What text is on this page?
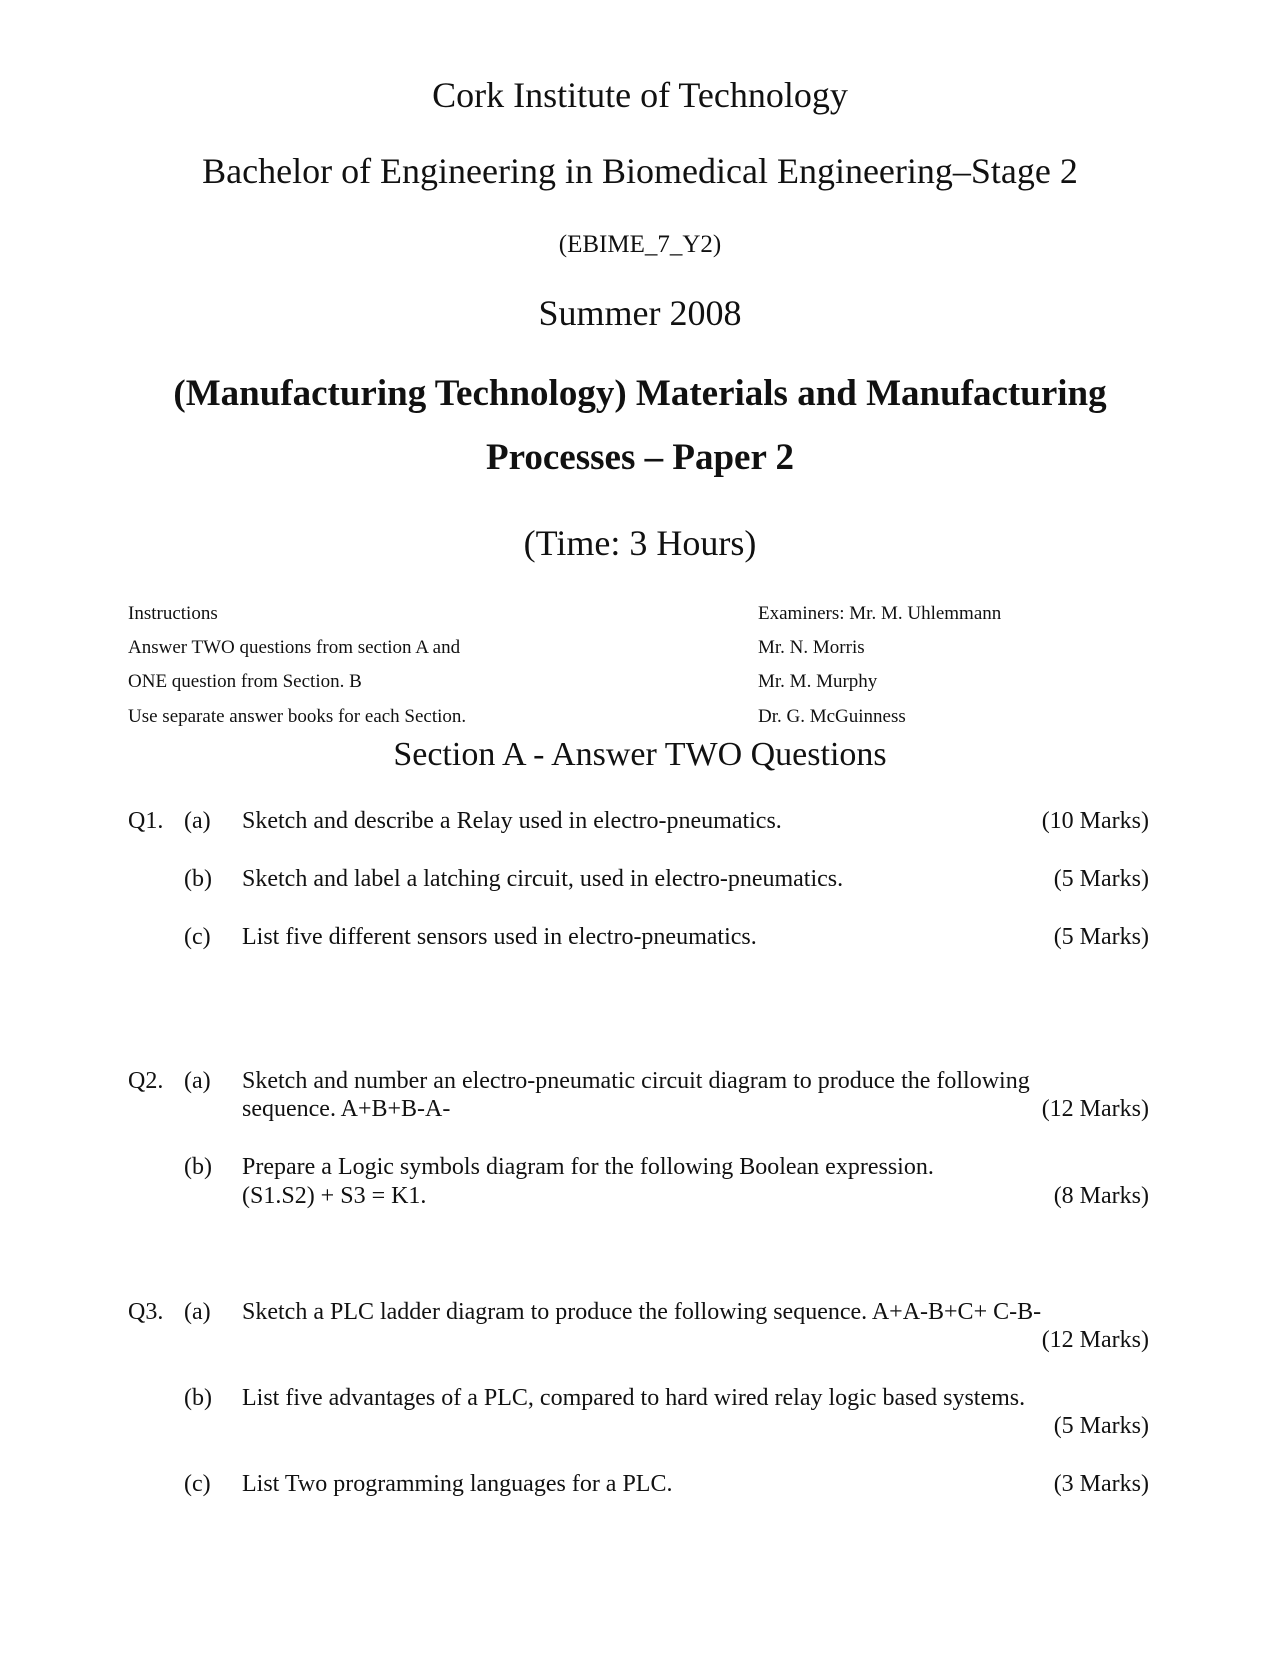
Cork Institute of Technology
Bachelor of Engineering in Biomedical Engineering–Stage 2
(EBIME_7_Y2)
Summer 2008
(Manufacturing Technology) Materials and Manufacturing
Processes – Paper 2
(Time: 3 Hours)
Instructions
Answer TWO questions from section A and
ONE question from Section. B
Use separate answer books for each Section.
Examiners: Mr. M. Uhlemmann
Mr. N. Morris
Mr. M. Murphy
Dr. G. McGuinness
Section A - Answer TWO Questions
Q1. (a) Sketch and describe a Relay used in electro-pneumatics.	(10 Marks)
(b) Sketch and label a latching circuit, used in electro-pneumatics.	(5 Marks)
(c) List five different sensors used in electro-pneumatics.	(5 Marks)
Q2. (a) Sketch and number an electro-pneumatic circuit diagram to produce the following
sequence. A+B+B-A-	(12 Marks)
(b) Prepare a Logic symbols diagram for the following Boolean expression.
(S1.S2) + S3 = K1.	(8 Marks)
Q3. (a) Sketch a PLC ladder diagram to produce the following sequence. A+A-B+C+ C-B-
(12 Marks)
(b) List five advantages of a PLC, compared to hard wired relay logic based systems.
(5 Marks)
(c) List Two programming languages for a PLC.	(3 Marks)
